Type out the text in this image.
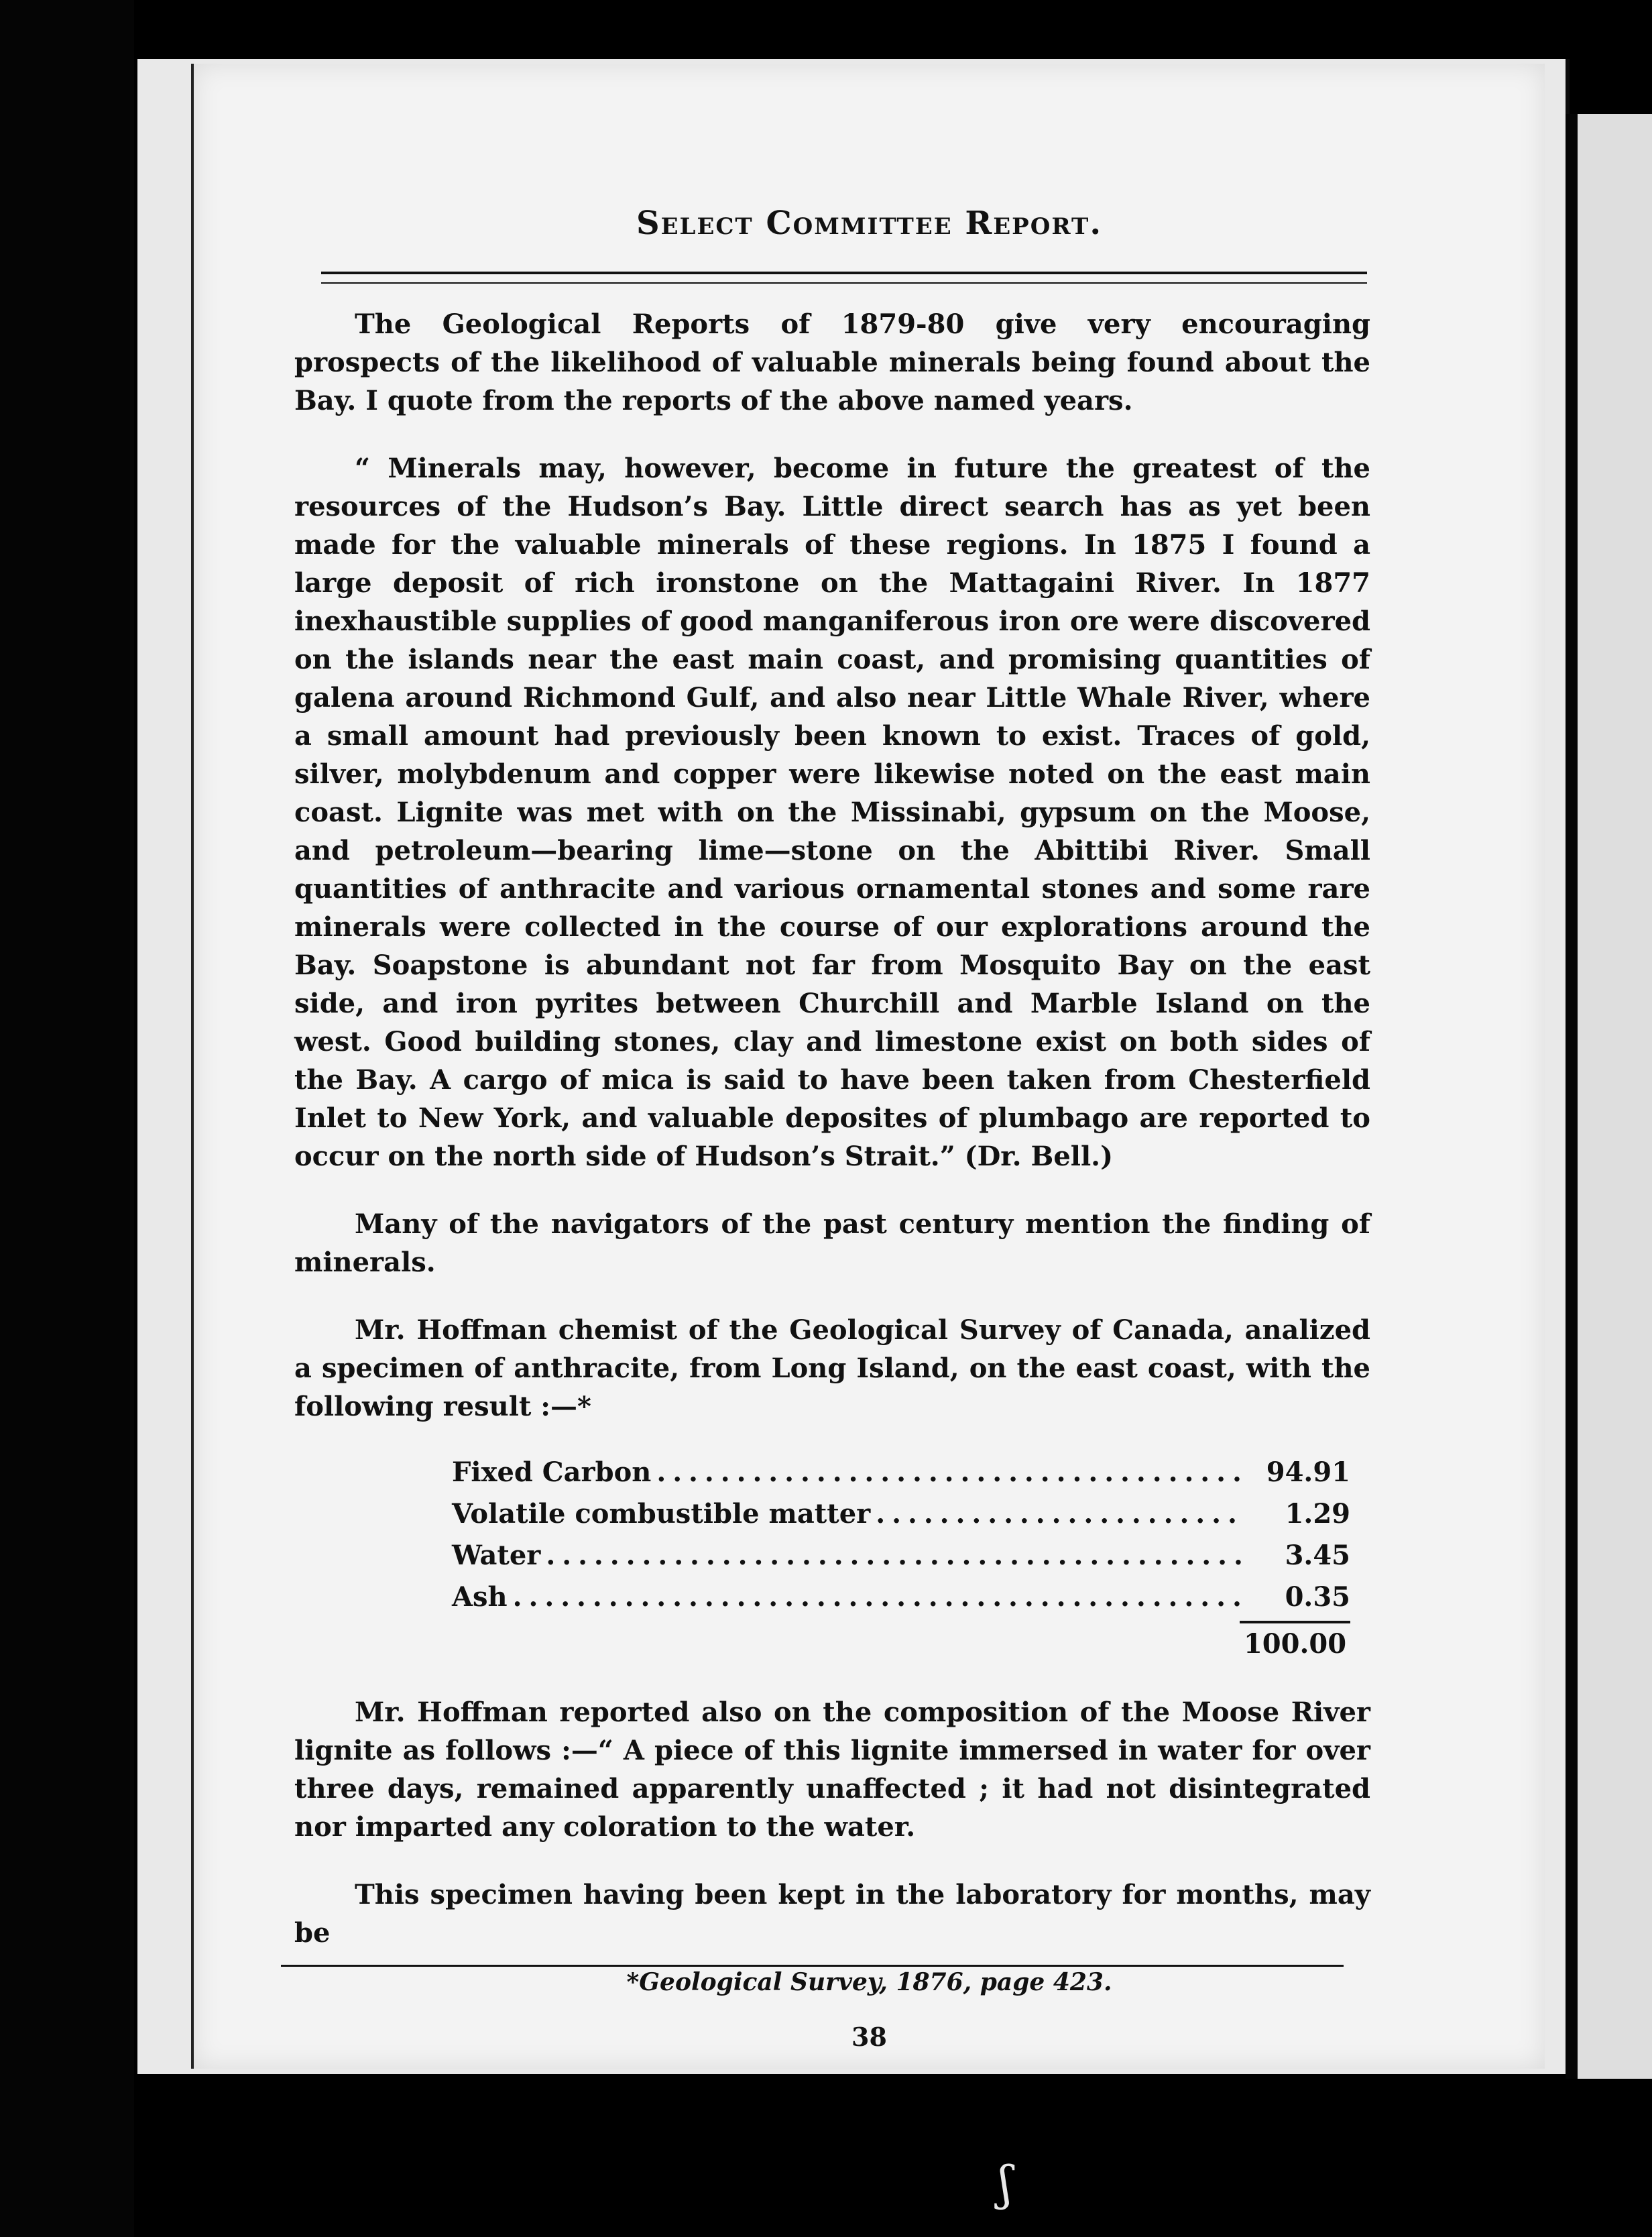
Select Committee Report.

The Geological Reports of 1879-80 give very encouraging prospects of the likelihood of valuable minerals being found about the Bay. I quote from the reports of the above named years.

“ Minerals may, however, become in future the greatest of the resources of the Hudson’s Bay. Little direct search has as yet been made for the valuable minerals of these regions. In 1875 I found a large deposit of rich ironstone on the Mattagaini River. In 1877 inexhaustible supplies of good manganiferous iron ore were discovered on the islands near the east main coast, and promising quantities of galena around Richmond Gulf, and also near Little Whale River, where a small amount had previously been known to exist. Traces of gold, silver, molybdenum and copper were likewise noted on the east main coast. Lignite was met with on the Missinabi, gypsum on the Moose, and petroleum—bearing lime—stone on the Abittibi River. Small quantities of anthracite and various ornamental stones and some rare minerals were collected in the course of our explorations around the Bay. Soapstone is abundant not far from Mosquito Bay on the east side, and iron pyrites between Churchill and Marble Island on the west. Good building stones, clay and limestone exist on both sides of the Bay. A cargo of mica is said to have been taken from Chesterfield Inlet to New York, and valuable deposites of plumbago are reported to occur on the north side of Hudson’s Strait.” (Dr. Bell.)

Many of the navigators of the past century mention the finding of minerals.

Mr. Hoffman chemist of the Geological Survey of Canada, analized a specimen of anthracite, from Long Island, on the east coast, with the following result :—*

Fixed Carbon . . .	94.91
Volatile combustible matter . . .	1.29
Water . . .	3.45
Ash . . .	0.35
100.00

Mr. Hoffman reported also on the composition of the Moose River lignite as follows :—“ A piece of this lignite immersed in water for over three days, remained apparently unaffected ; it had not disintegrated nor imparted any coloration to the water.

This specimen having been kept in the laboratory for months, may be

*Geological Survey, 1876, page 423.
38
ʃ
